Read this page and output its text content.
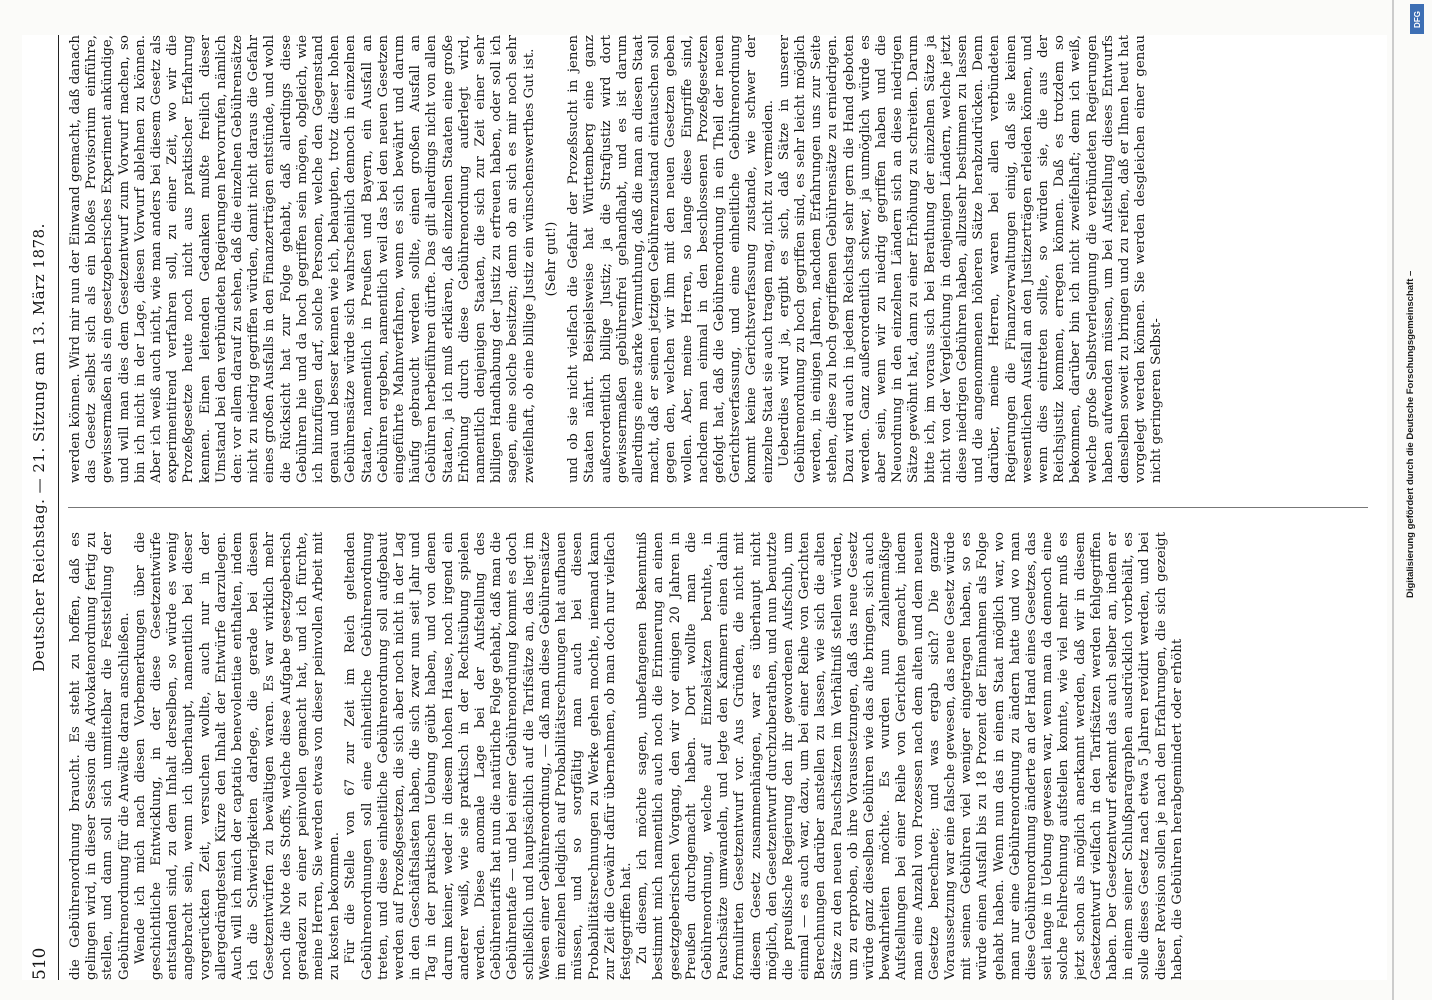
510
Deutscher Reichstag. — 21. Sitzung am 13. März 1878.

die Gebührenordnung braucht. Es steht zu hoffen, daß es gelingen wird, in dieser Session die Advokatenordnung fertig zu stellen, und dann soll sich unmittelbar die Feststellung der Gebührenordnung für die Anwälte daran anschließen. Wende ich mich nach diesen Vorbemerkungen über die geschichtliche Entwicklung, in der diese Gesetzentwürfe entstanden sind, zu dem Inhalt derselben, so würde es wenig angebracht sein, wenn ich überhaupt, namentlich bei dieser vorgerückten Zeit, versuchen wollte, auch nur in der allergedrängtesten Kürze den Inhalt der Entwürfe darzulegen. Auch will ich mich der captatio benevolentiae enthalten, indem ich die Schwierigkeiten darlege, die gerade bei diesen Gesetzentwürfen zu bewältigen waren. Es war wirklich mehr noch die Note des Stoffs, welche diese Aufgabe gesetzgeberisch geradezu zu einer peinvollen gemacht hat, und ich fürchte, meine Herren, Sie werden etwas von dieser peinvollen Arbeit mit zu kosten bekommen. Für die Stelle von 67 zur Zeit im Reich geltenden Gebührenordnungen soll eine einheitliche Gebührenordnung treten, und diese einheitliche Gebührenordnung soll aufgebaut werden auf Prozeßgesetzen, die sich aber noch nicht in der Lag in den Geschäftslasten haben, die sich zwar nun seit Jahr und Tag in der praktischen Uebung geübt haben, und von denen darum keiner, weder in diesem hohen Hause, noch irgend ein anderer weiß, wie sie praktisch in der Rechtsübung spielen werden. Diese anomale Lage bei der Aufstellung des Gebührentarifs hat nun die natürliche Folge gehabt, daß man die Gebührentafe — und bei einer Gebührenordnung kommt es doch schließlich und hauptsächlich auf die Tarifsätze an, das liegt im Wesen einer Gebührenordnung, — daß man diese Gebührensätze im einzelnen lediglich auf Probabilitätsrechnungen hat aufbauen müssen, und so sorgfältig man auch bei diesen Probabilitätsrechnungen zu Werke gehen mochte, niemand kann zur Zeit die Gewähr dafür übernehmen, ob man doch nur vielfach festgegriffen hat. Zu diesem, ich möchte sagen, unbefangenen Bekenntniß bestimmt mich namentlich auch noch die Erinnerung an einen gesetzgeberischen Vorgang, den wir vor einigen 20 Jahren in Preußen durchgemacht haben. Dort wollte man die Gebührenordnung, welche auf Einzelsätzen beruhte, in Pauschsätze umwandeln, und legte den Kammern einen dahin formulirten Gesetzentwurf vor. Aus Gründen, die nicht mit diesem Gesetz zusammenhängen, war es überhaupt nicht möglich, den Gesetzentwurf durchzuberathen, und nun benutzte die preußische Regierung den ihr gewordenen Aufschub, um einmal — es auch war, dazu, um bei einer Reihe von Gerichten Berechnungen darüber anstellen zu lassen, wie sich die alten Sätze zu den neuen Pauschsätzen im Verhältniß stellen würden, um zu erproben, ob ihre Voraussetzungen, daß das neue Gesetz würde ganz dieselben Gebühren wie das alte bringen, sich auch bewahrheiten möchte. Es wurden nun zahlenmäßige Aufstellungen bei einer Reihe von Gerichten gemacht, indem man eine Anzahl von Prozessen nach dem alten und dem neuen Gesetze berechnete; und was ergab sich? Die ganze Voraussetzung war eine falsche gewesen, das neue Gesetz würde mit seinen Gebühren viel weniger eingetragen haben, so es würde einen Ausfall bis zu 18 Prozent der Einnahmen als Folge gehabt haben. Wenn nun das in einem Staat möglich war, wo man nur eine Gebührenordnung zu ändern hatte und wo man diese Gebührenordnung änderte an der Hand eines Gesetzes, das seit lange in Uebung gewesen war, wenn man da dennoch eine solche Fehlrechnung aufstellen konnte, wie viel mehr muß es jetzt schon als möglich anerkannt werden, daß wir in diesem Gesetzentwurf vielfach in den Tarifsätzen werden fehlgegriffen haben. Der Gesetzentwurf erkennt das auch selber an, indem er in einem seiner Schlußparagraphen ausdrücklich vorbehält, es solle dieses Gesetz nach etwa 5 Jahren revidirt werden, und bei dieser Revision sollen je nach den Erfahrungen, die sich gezeigt haben, die Gebühren herabgemindert oder erhöht

werden können. Wird mir nun der Einwand gemacht, daß danach das Gesetz selbst sich als ein bloßes Provisorium einführe, gewissermaßen als ein gesetzgeberisches Experiment ankündige, und will man dies dem Gesetzentwurf zum Vorwurf machen, so bin ich nicht in der Lage, diesen Vorwurf ablehnen zu können. Aber ich weiß auch nicht, wie man anders bei diesem Gesetz als experimentirend verfahren soll, zu einer Zeit, wo wir die Prozeßgesetze heute noch nicht aus praktischer Erfahrung kennen. Einen leitenden Gedanken mußte freilich dieser Umstand bei den verbündeten Regierungen hervorrufen, nämlich den: vor allem darauf zu sehen, daß die einzelnen Gebührensätze nicht zu niedrig gegriffen würden, damit nicht daraus die Gefahr eines großen Ausfalls in den Finanzerträgen entstünde, und wohl die Rücksicht hat zur Folge gehabt, daß allerdings diese Gebühren hie und da hoch gegriffen sein mögen, obgleich, wie ich hinzufügen darf, solche Personen, welche den Gegenstand genau und besser kennen wie ich, behaupten, trotz dieser hohen Gebührensätze würde sich wahrscheinlich dennoch in einzelnen Staaten, namentlich in Preußen und Bayern, ein Ausfall an Gebühren ergeben, namentlich weil das bei den neuen Gesetzen eingeführte Mahnverfahren, wenn es sich bewährt und darum häufig gebraucht werden sollte, einen großen Ausfall an Gebühren herbeiführen dürfte. Das gilt allerdings nicht von allen Staaten, ja ich muß erklären, daß einzelnen Staaten eine große Erhöhung durch diese Gebührenordnung auferlegt wird, namentlich denjenigen Staaten, die sich zur Zeit einer sehr billigen Handhabung der Justiz zu erfreuen haben, oder soll ich sagen, eine solche besitzen; denn ob an sich es mir noch sehr zweifelhaft, ob eine billige Justiz ein wünschenswerthes Gut ist. (Sehr gut!) und ob sie nicht vielfach die Gefahr der Prozeßsucht in jenen Staaten nährt. Beispielsweise hat Württemberg eine ganz außerordentlich billige Justiz; ja die Strafjustiz wird dort gewissermaßen gebührenfrei gehandhabt, und es ist darum allerdings eine starke Vermuthung, daß die man an diesen Staat macht, daß er seinen jetzigen Gebührenzustand eintauschen soll gegen den, welchen wir ihm mit den neuen Gesetzen geben wollen. Aber, meine Herren, so lange diese Eingriffe sind, nachdem man einmal in den beschlossenen Prozeßgesetzen gefolgt hat, daß die Gebührenordnung in ein Theil der neuen Gerichtsverfassung, und eine einheitliche Gebührenordnung kommt keine Gerichtsverfassung zustande, wie schwer der einzelne Staat sie auch tragen mag, nicht zu vermeiden. Ueberdies wird ja, ergibt es sich, daß Sätze in unserer Gebührenordnung zu hoch gegriffen sind, es sehr leicht möglich werden, in einigen Jahren, nachdem Erfahrungen uns zur Seite stehen, diese zu hoch gegriffenen Gebührensätze zu erniedrigen. Dazu wird auch in jedem Reichstag sehr gern die Hand geboten werden. Ganz außerordentlich schwer, ja unmöglich würde es aber sein, wenn wir zu niedrig gegriffen haben und die Neuordnung in den einzelnen Ländern sich an diese niedrigen Sätze gewöhnt hat, dann zu einer Erhöhung zu schreiten. Darum bitte ich, im voraus sich bei Berathung der einzelnen Sätze ja nicht von der Vergleichung in denjenigen Ländern, welche jetzt diese niedrigen Gebühren haben, allzusehr bestimmen zu lassen und die angenommenen höheren Sätze herabzudrücken. Denn darüber, meine Herren, waren bei allen verbündeten Regierungen die Finanzverwaltungen einig, daß sie keinen wesentlichen Ausfall an den Justizerträgen erleiden können, und wenn dies eintreten sollte, so würden sie, die aus der Reichsjustiz kommen, erregen können. Daß es trotzdem so bekommen, darüber bin ich nicht zweifelhaft; denn ich weiß, welche große Selbstverleugnung die verbündeten Regierungen haben aufwenden müssen, um bei Aufstellung dieses Entwurfs denselben soweit zu bringen und zu reifen, daß er Ihnen heut hat vorgelegt werden können. Sie werden desgleichen einer genau nicht geringeren Selbst-	Digitalisierung gefördert durch die Deutsche Forschungsgemeinschaft –
DFG
